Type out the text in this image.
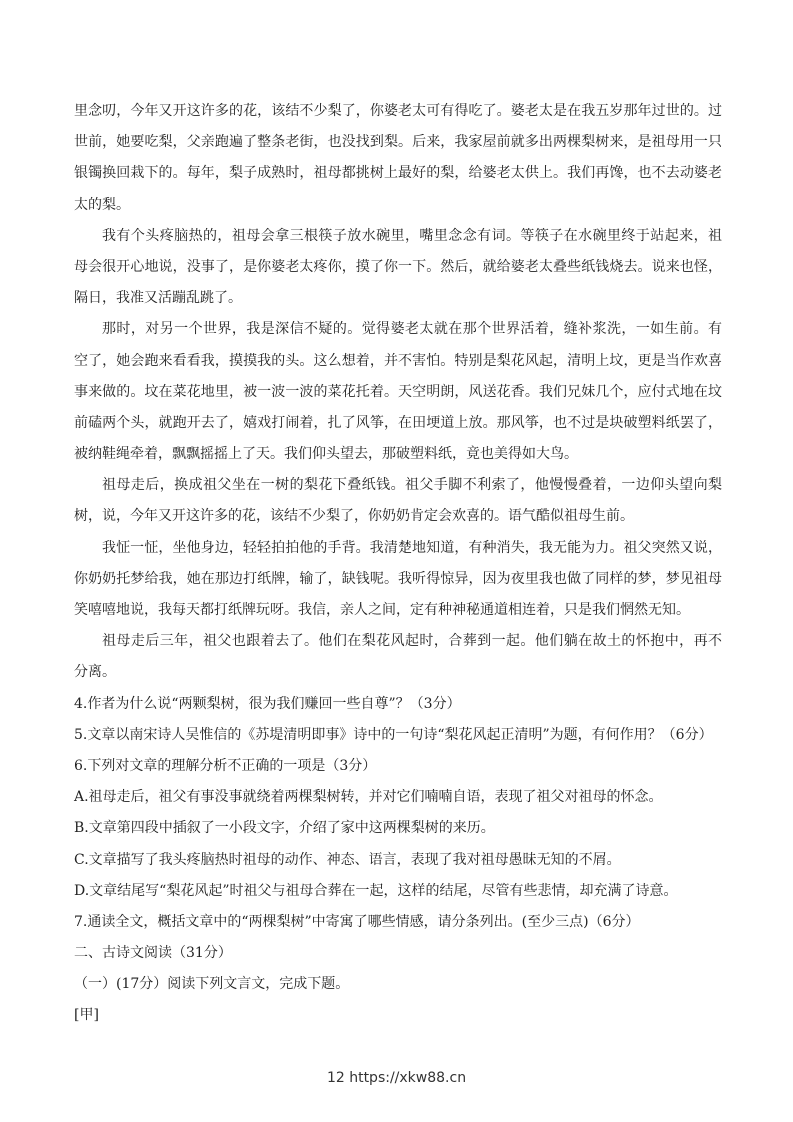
里念叨，今年又开这许多的花，该结不少梨了，你婆老太可有得吃了。婆老太是在我五岁那年过世的。过
世前，她要吃梨，父亲跑遍了整条老街，也没找到梨。后来，我家屋前就多出两棵梨树来，是祖母用一只
银镯换回栽下的。每年，梨子成熟时，祖母都挑树上最好的梨，给婆老太供上。我们再馋，也不去动婆老
太的梨。
我有个头疼脑热的，祖母会拿三根筷子放水碗里，嘴里念念有词。等筷子在水碗里终于站起来，祖
母会很开心地说，没事了，是你婆老太疼你，摸了你一下。然后，就给婆老太叠些纸钱烧去。说来也怪，
隔日，我准又活蹦乱跳了。
那时，对另一个世界，我是深信不疑的。觉得婆老太就在那个世界活着，缝补浆洗，一如生前。有
空了，她会跑来看看我，摸摸我的头。这么想着，并不害怕。特别是梨花风起，清明上坟，更是当作欢喜
事来做的。坟在菜花地里，被一波一波的菜花托着。天空明朗，风送花香。我们兄妹几个，应付式地在坟
前磕两个头，就跑开去了，嬉戏打闹着，扎了风筝，在田埂道上放。那风筝，也不过是块破塑料纸罢了，
被纳鞋绳牵着，飘飘摇摇上了天。我们仰头望去，那破塑料纸，竟也美得如大鸟。
祖母走后，换成祖父坐在一树的梨花下叠纸钱。祖父手脚不利索了，他慢慢叠着，一边仰头望向梨
树，说，今年又开这许多的花，该结不少梨了，你奶奶肯定会欢喜的。语气酷似祖母生前。
我怔一怔，坐他身边，轻轻拍拍他的手背。我清楚地知道，有种消失，我无能为力。祖父突然又说，
你奶奶托梦给我，她在那边打纸牌，输了，缺钱呢。我听得惊异，因为夜里我也做了同样的梦，梦见祖母
笑嘻嘻地说，我每天都打纸牌玩呀。我信，亲人之间，定有种神秘通道相连着，只是我们惘然无知。
祖母走后三年，祖父也跟着去了。他们在梨花风起时，合葬到一起。他们躺在故土的怀抱中，再不
分离。
4.作者为什么说“两颗梨树，很为我们赚回一些自尊”？（3分）
5.文章以南宋诗人吴惟信的《苏堤清明即事》诗中的一句诗“梨花风起正清明”为题，有何作用？（6分）
6.下列对文章的理解分析不正确的一项是（3分）
A.祖母走后，祖父有事没事就绕着两棵梨树转，并对它们喃喃自语，表现了祖父对祖母的怀念。
B.文章第四段中插叙了一小段文字，介绍了家中这两棵梨树的来历。
C.文章描写了我头疼脑热时祖母的动作、神态、语言，表现了我对祖母愚昧无知的不屑。
D.文章结尾写“梨花风起”时祖父与祖母合葬在一起，这样的结尾，尽管有些悲情，却充满了诗意。
7.通读全文，概括文章中的“两棵梨树”中寄寓了哪些情感，请分条列出。(至少三点)（6分）
二、古诗文阅读（31分）
（一）(17分）阅读下列文言文，完成下题。
[甲]
12 https://xkw88.cn
